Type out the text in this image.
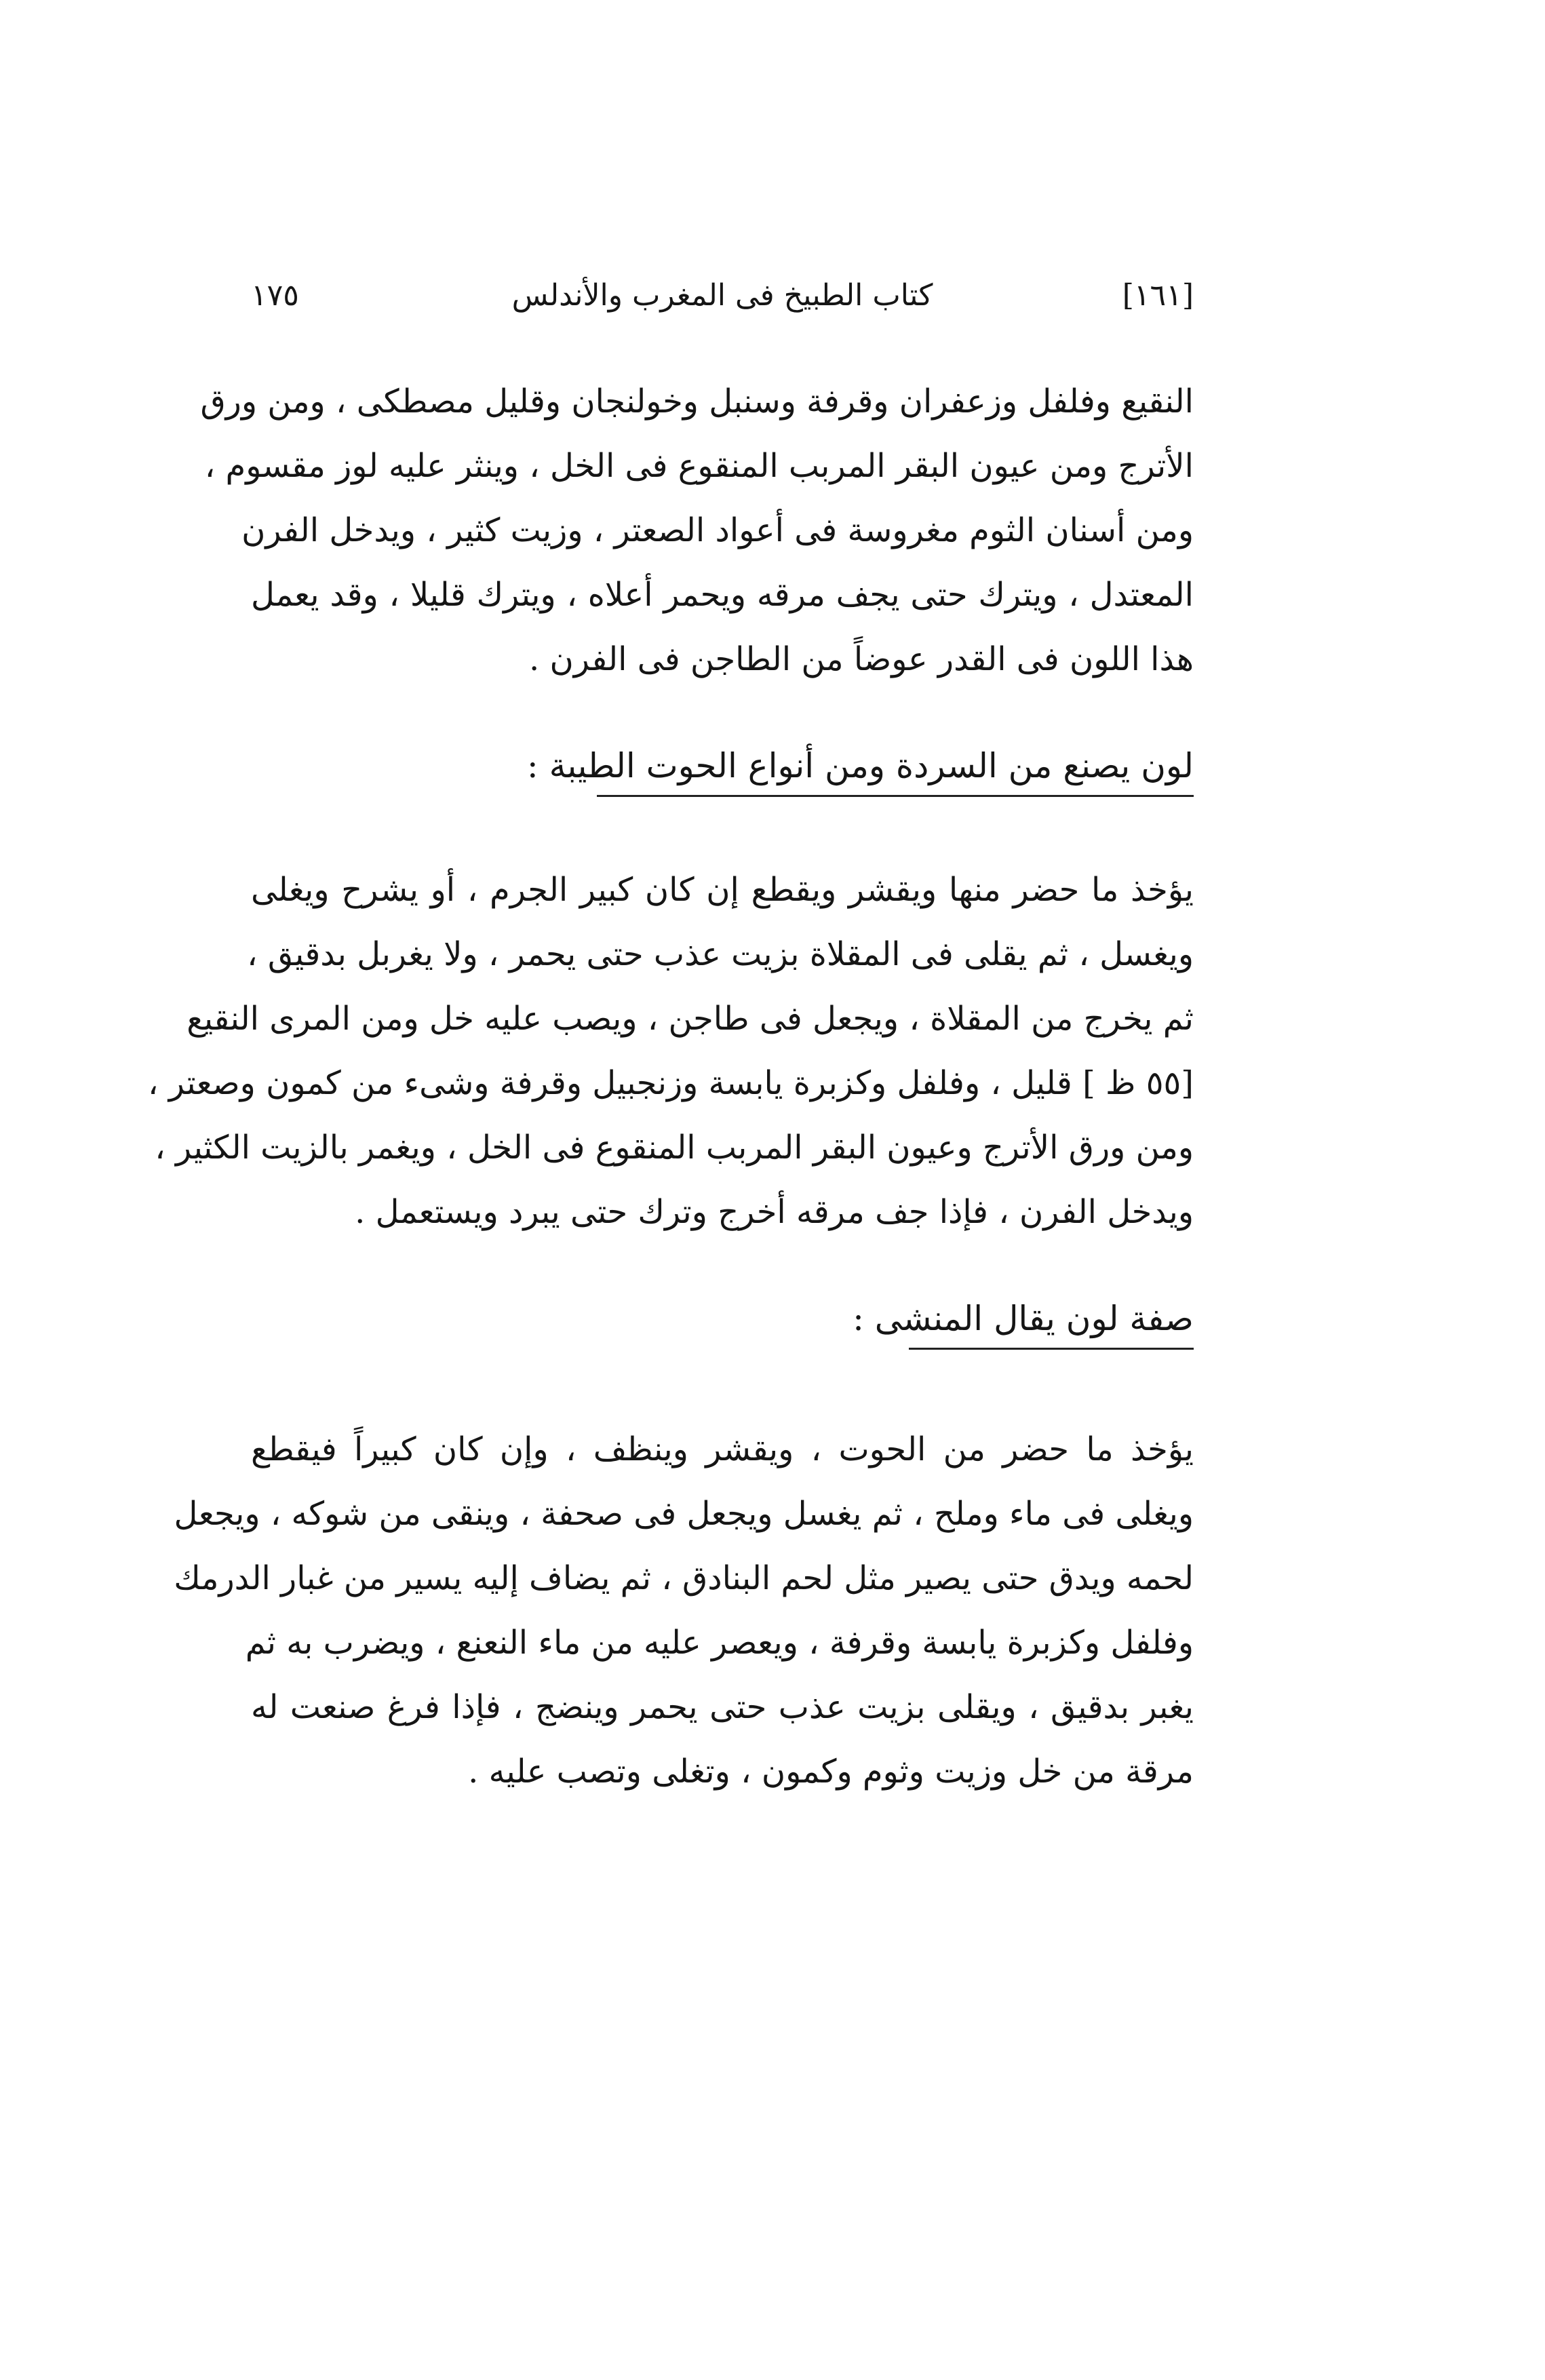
١٧٥	كتاب الطبيخ فى المغرب والأندلس	[١٦١]
النقيع وفلفل وزعفران وقرفة وسنبل وخولنجان وقليل مصطكى ، ومن ورق
الأترج ومن عيون البقر المربب المنقوع فى الخل ، وينثر عليه لوز مقسوم ،
ومن أسنان الثوم مغروسة فى أعواد الصعتر ، وزيت كثير ، ويدخل الفرن
المعتدل ، ويترك حتى يجف مرقه ويحمر أعلاه ، ويترك قليلا ، وقد يعمل
هذا اللون فى القدر عوضاً من الطاجن فى الفرن .
لون يصنع من السردة ومن أنواع الحوت الطيبة :
يؤخذ ما حضر منها ويقشر ويقطع إن كان كبير الجرم ، أو يشرح ويغلى
ويغسل ، ثم يقلى فى المقلاة بزيت عذب حتى يحمر ، ولا يغربل بدقيق ،
ثم يخرج من المقلاة ، ويجعل فى طاجن ، ويصب عليه خل ومن المرى النقيع
[٥٥ ظ ] قليل ، وفلفل وكزبرة يابسة وزنجبيل وقرفة وشىء من كمون وصعتر ،
ومن ورق الأترج وعيون البقر المربب المنقوع فى الخل ، ويغمر بالزيت الكثير ،
ويدخل الفرن ، فإذا جف مرقه أخرج وترك حتى يبرد ويستعمل .
صفة لون يقال المنشى :
يؤخذ ما حضر من الحوت ، ويقشر وينظف ، وإن كان كبيراً فيقطع
ويغلى فى ماء وملح ، ثم يغسل ويجعل فى صحفة ، وينقى من شوكه ، ويجعل
لحمه ويدق حتى يصير مثل لحم البنادق ، ثم يضاف إليه يسير من غبار الدرمك
وفلفل وكزبرة يابسة وقرفة ، ويعصر عليه من ماء النعنع ، ويضرب به ثم
يغبر بدقيق ، ويقلى بزيت عذب حتى يحمر وينضج ، فإذا فرغ صنعت له
مرقة من خل وزيت وثوم وكمون ، وتغلى وتصب عليه .
